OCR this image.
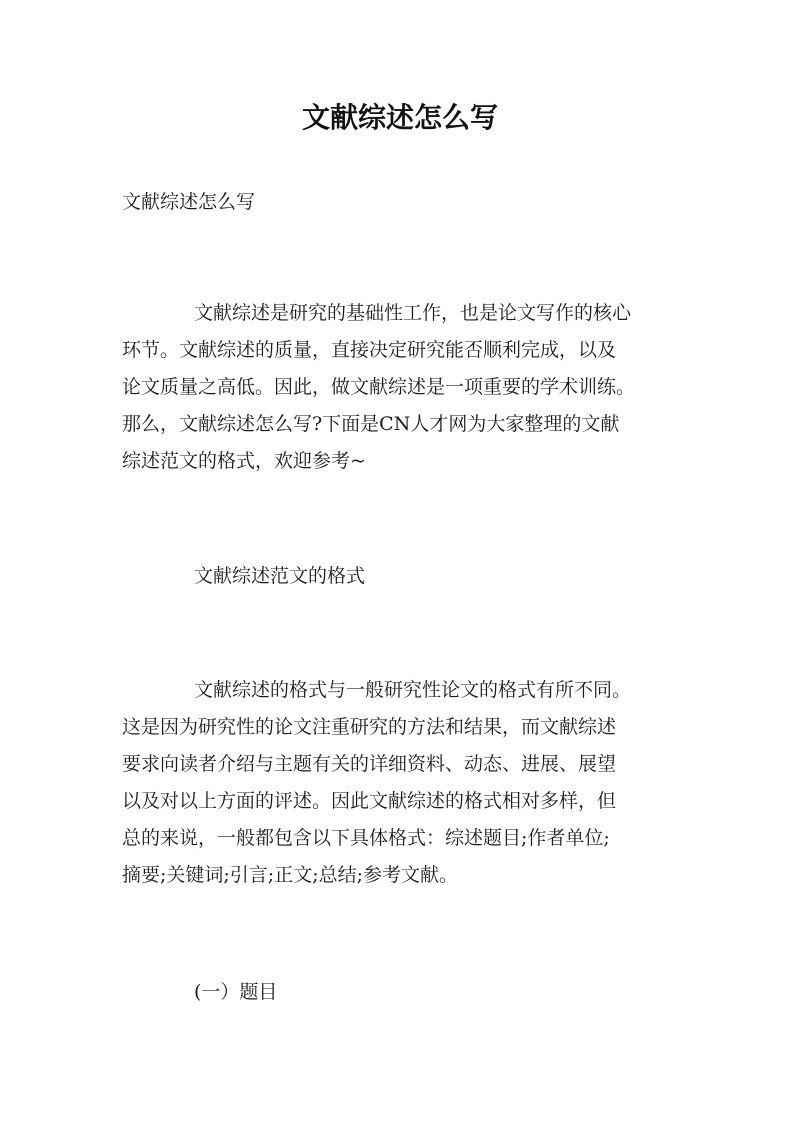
文献综述怎么写
文献综述怎么写

文献综述是研究的基础性工作，也是论文写作的核心
环节。文献综述的质量，直接决定研究能否顺利完成，以及
论文质量之高低。因此，做文献综述是一项重要的学术训练。
那么，文献综述怎么写?下面是CN人才网为大家整理的文献
综述范文的格式，欢迎参考~

文献综述范文的格式

文献综述的格式与一般研究性论文的格式有所不同。
这是因为研究性的论文注重研究的方法和结果，而文献综述
要求向读者介绍与主题有关的详细资料、动态、进展、展望
以及对以上方面的评述。因此文献综述的格式相对多样，但
总的来说，一般都包含以下具体格式：综述题目;作者单位;
摘要;关键词;引言;正文;总结;参考文献。

(一）题目
